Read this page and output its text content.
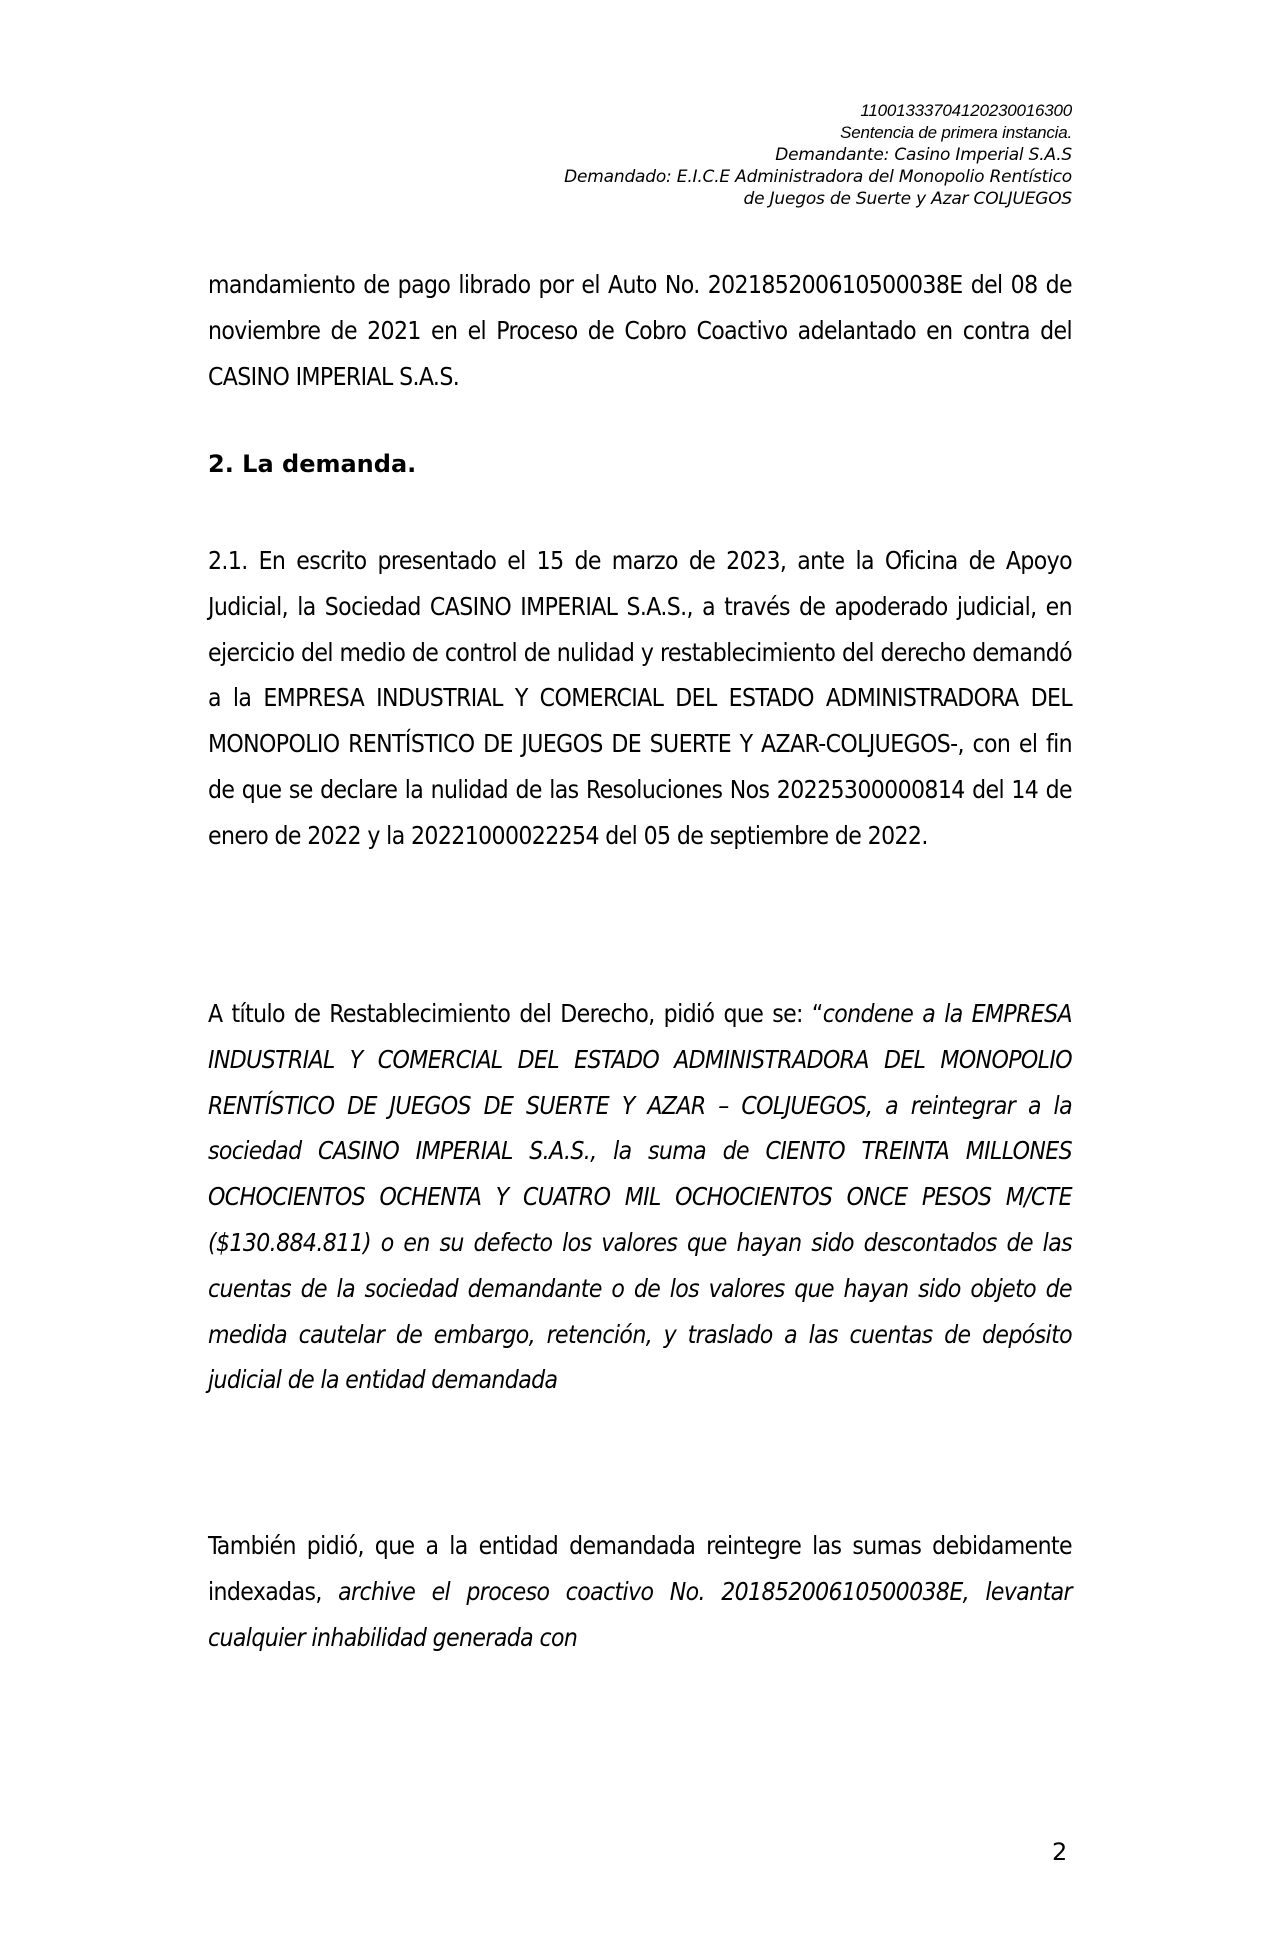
11001333704120230016300
Sentencia de primera instancia.
Demandante: Casino Imperial S.A.S
Demandado: E.I.C.E Administradora del Monopolio Rentístico
de Juegos de Suerte y Azar COLJUEGOS

mandamiento de pago librado por el Auto No. 202185200610500038E del 08 de noviembre de 2021 en el Proceso de Cobro Coactivo adelantado en contra del CASINO IMPERIAL S.A.S.

2. La demanda.

2.1. En escrito presentado el 15 de marzo de 2023, ante la Oficina de Apoyo Judicial, la Sociedad CASINO IMPERIAL S.A.S., a través de apoderado judicial, en ejercicio del medio de control de nulidad y restablecimiento del derecho demandó a la EMPRESA INDUSTRIAL Y COMERCIAL DEL ESTADO ADMINISTRADORA DEL MONOPOLIO RENTÍSTICO DE JUEGOS DE SUERTE Y AZAR-COLJUEGOS-, con el fin de que se declare la nulidad de las Resoluciones Nos 20225300000814 del 14 de enero de 2022 y la 20221000022254 del 05 de septiembre de 2022.

A título de Restablecimiento del Derecho, pidió que se: “condene a la EMPRESA INDUSTRIAL Y COMERCIAL DEL ESTADO ADMINISTRADORA DEL MONOPOLIO RENTÍSTICO DE JUEGOS DE SUERTE Y AZAR – COLJUEGOS, a reintegrar a la sociedad CASINO IMPERIAL S.A.S., la suma de CIENTO TREINTA MILLONES OCHOCIENTOS OCHENTA Y CUATRO MIL OCHOCIENTOS ONCE PESOS M/CTE ($130.884.811) o en su defecto los valores que hayan sido descontados de las cuentas de la sociedad demandante o de los valores que hayan sido objeto de medida cautelar de embargo, retención, y traslado a las cuentas de depósito judicial de la entidad demandada

También pidió, que a la entidad demandada reintegre las sumas debidamente indexadas, archive el proceso coactivo No. 20185200610500038E, levantar cualquier inhabilidad generada con

2
